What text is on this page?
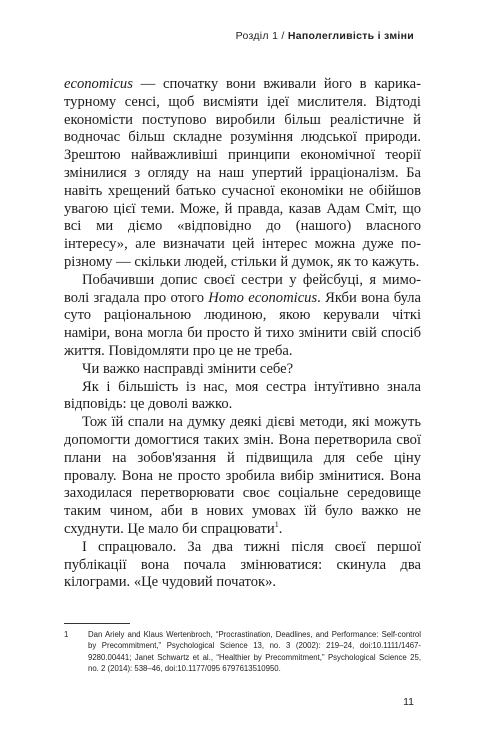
Розділ 1 / Наполегливість і зміни

economicus — спочатку вони вживали його в карикатурному сенсі, щоб висміяти ідеї мислителя. Відтоді економісти поступово виробили більш реалістичне й водночас більш складне розуміння людської природи. Зрештою найважливіші принципи економічної теорії змінилися з огляду на наш упертий ірраціоналізм. Ба навіть хрещений батько сучасної економіки не обійшов увагою цієї теми. Може, й правда, казав Адам Сміт, що всі ми діємо «відповідно до (нашого) власного інтересу», але визначати цей інтерес можна дуже по-різному — скільки людей, стільки й думок, як то кажуть.

Побачивши допис своєї сестри у фейсбуці, я мимоволі згадала про отого Homo economicus. Якби вона була суто раціональною людиною, якою керували чіткі наміри, вона могла би просто й тихо змінити свій спосіб життя. Повідомляти про це не треба.

Чи важко насправді змінити себе?

Як і більшість із нас, моя сестра інтуїтивно знала відповідь: це доволі важко.

Тож їй спали на думку деякі дієві методи, які можуть допомогти домогтися таких змін. Вона перетворила свої плани на зобов'язання й підвищила для себе ціну провалу. Вона не просто зробила вибір змінитися. Вона заходилася перетворювати своє соціальне середовище таким чином, аби в нових умовах їй було важко не схуднути. Це мало би спрацювати$^1$.

І спрацювало. За два тижні після своєї першої публікації вона почала змінюватися: скинула два кілограми. «Це чудовий початок».

1	Dan Ariely and Klaus Wertenbroch, “Procrastination, Deadlines, and Performance: Self-control by Precommitment,” Psychological Science 13, no. 3 (2002): 219–24, doi:10.1111/1467-9280.00441; Janet Schwartz et al., “Healthier by Precommitment,” Psychological Science 25, no. 2 (2014): 538–46, doi:10.1177/095 6797613510950.
11
